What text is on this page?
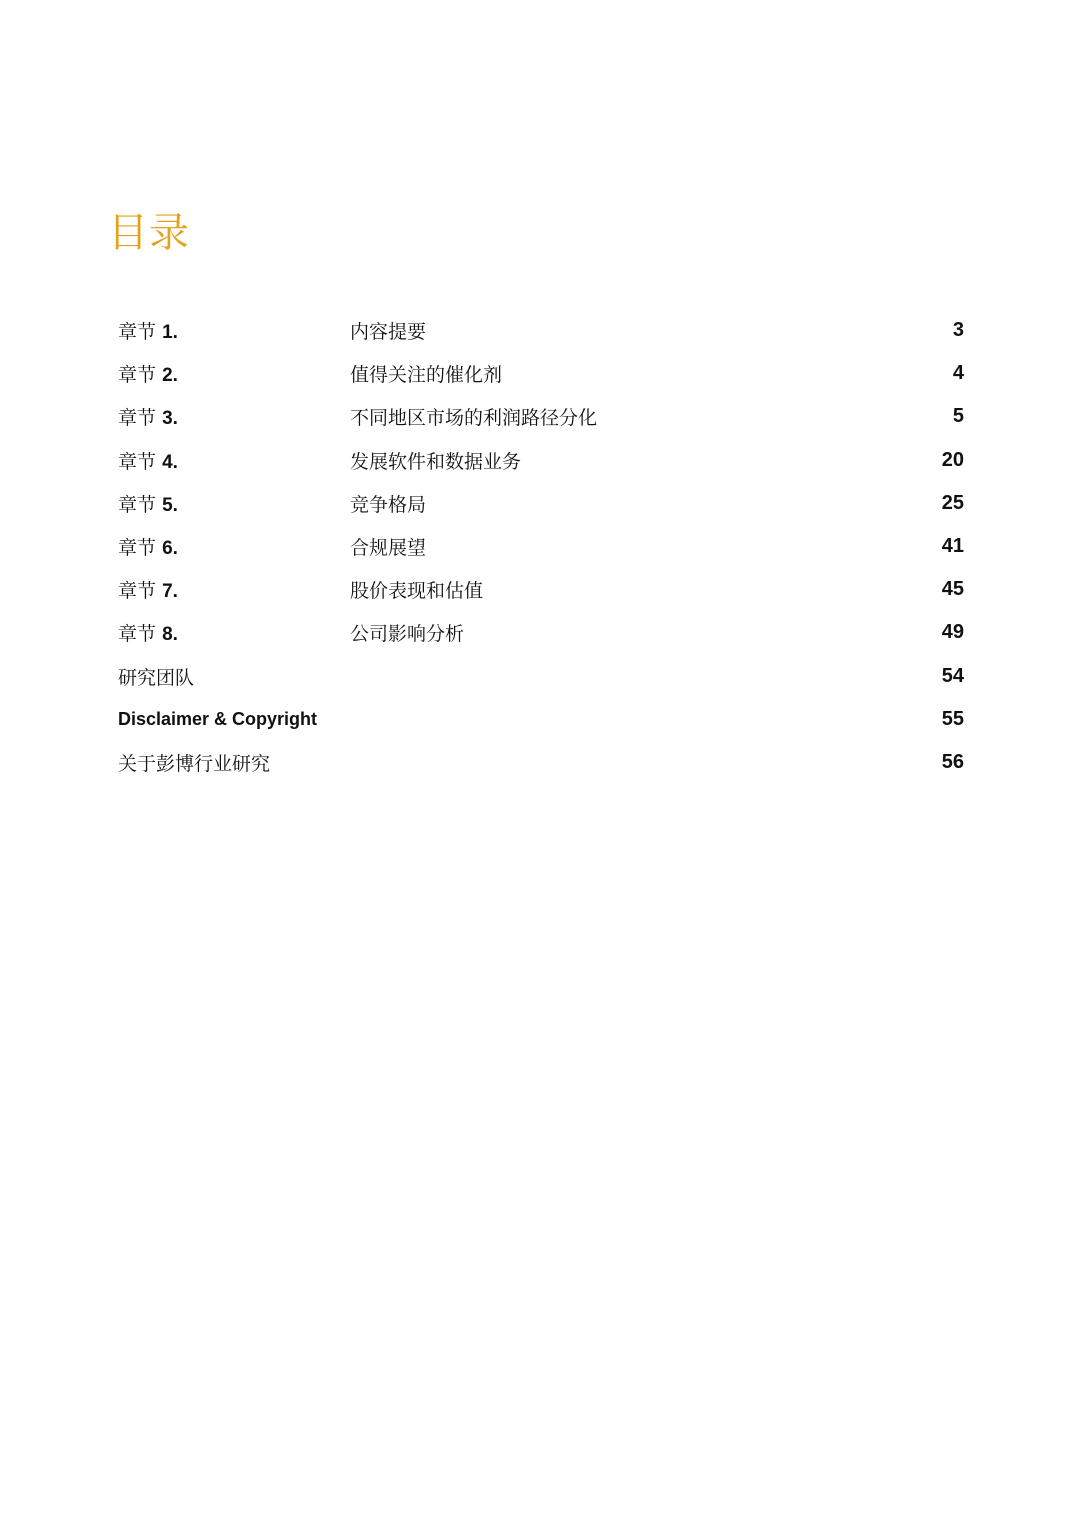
目录
章节 1.	内容提要	3
章节 2.	值得关注的催化剂	4
章节 3.	不同地区市场的利润路径分化	5
章节 4.	发展软件和数据业务	20
章节 5.	竞争格局	25
章节 6.	合规展望	41
章节 7.	股价表现和估值	45
章节 8.	公司影响分析	49
研究团队	54
Disclaimer & Copyright	55
关于彭博行业研究	56
